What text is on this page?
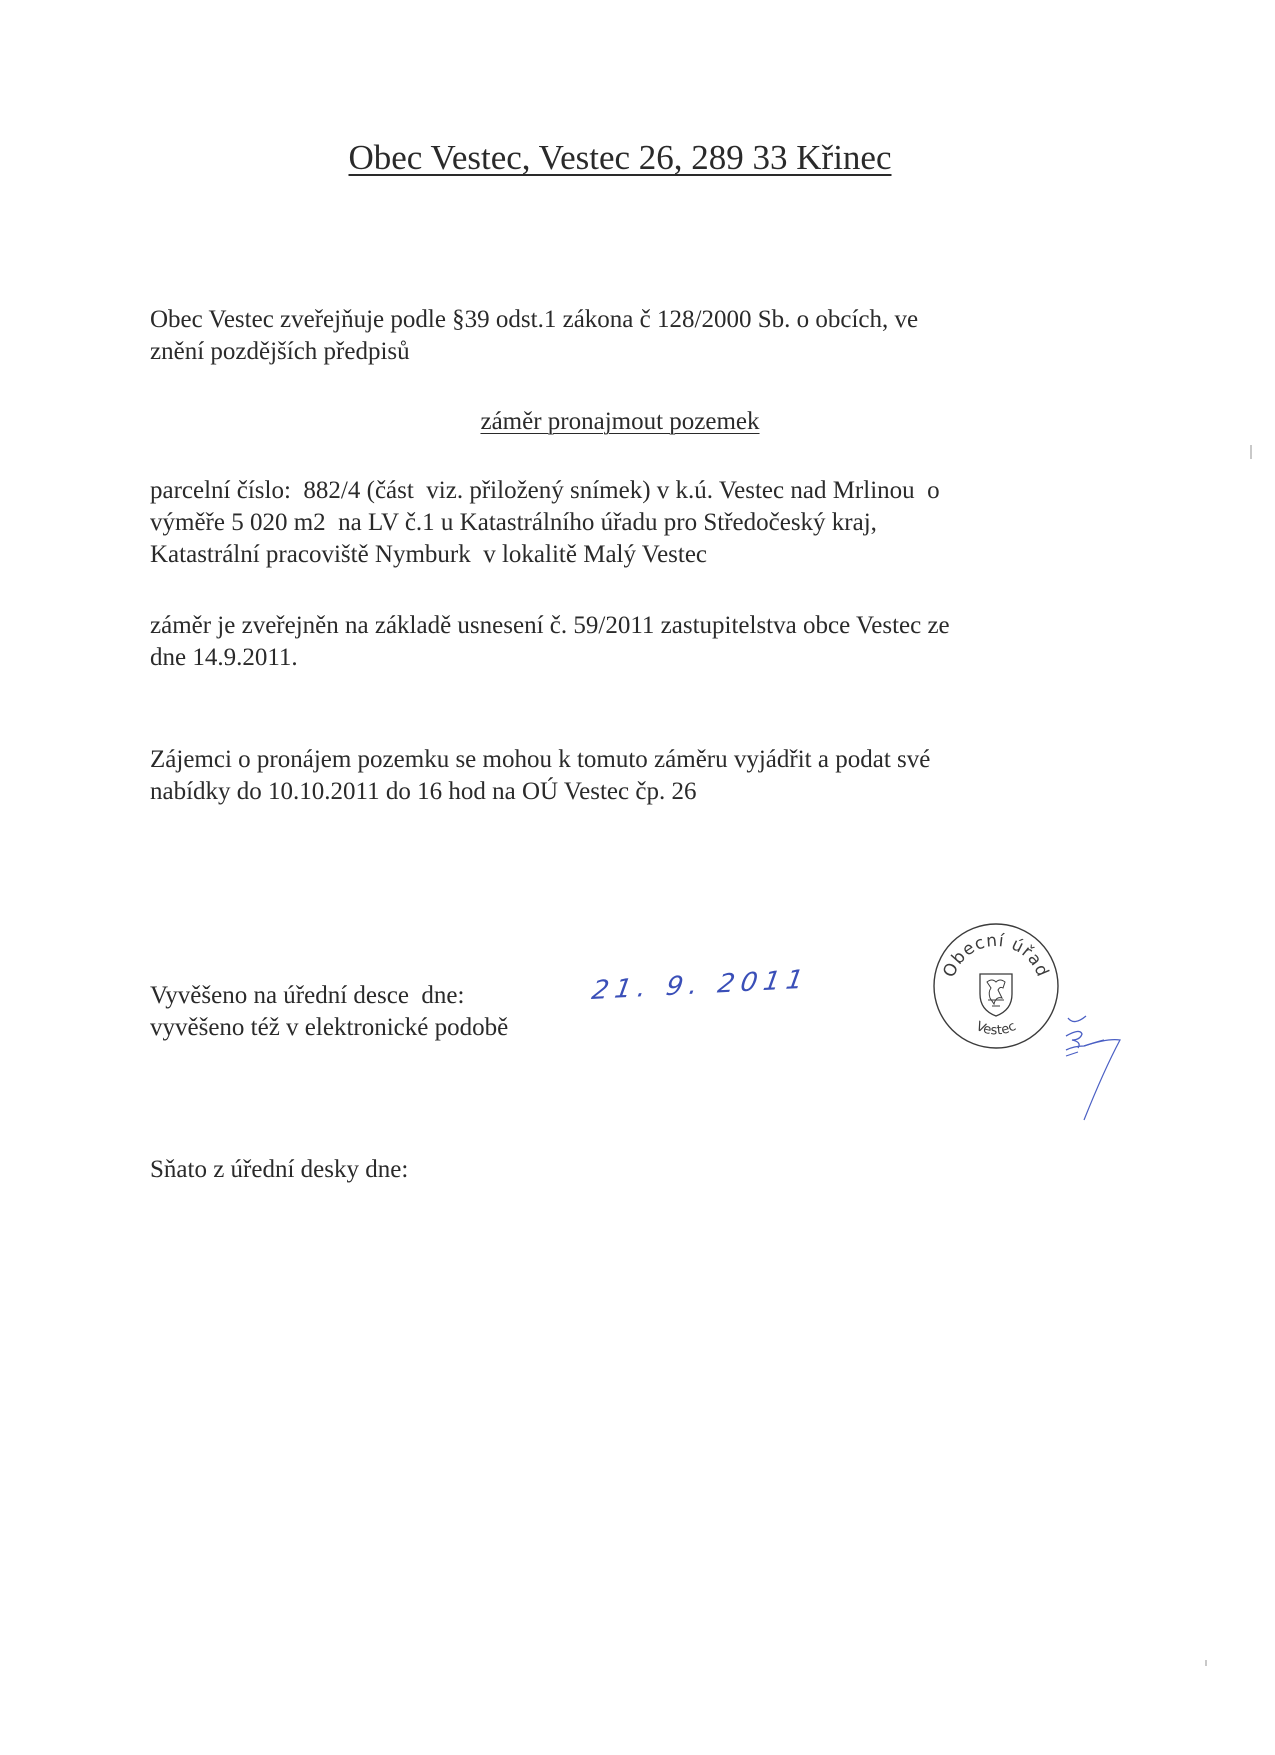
Obec Vestec, Vestec 26, 289 33 Křinec

Obec Vestec zveřejňuje podle §39 odst.1 zákona č 128/2000 Sb. o obcích, ve
znění pozdějších předpisů

záměr pronajmout pozemek

parcelní číslo:  882/4 (část  viz. přiložený snímek) v k.ú. Vestec nad Mrlinou  o
výměře 5 020 m2  na LV č.1 u Katastrálního úřadu pro Středočeský kraj,
Katastrální pracoviště Nymburk  v lokalitě Malý Vestec

záměr je zveřejněn na základě usnesení č. 59/2011 zastupitelstva obce Vestec ze
dne 14.9.2011.

Zájemci o pronájem pozemku se mohou k tomuto záměru vyjádřit a podat své
nabídky do 10.10.2011 do 16 hod na OÚ Vestec čp. 26

Vyvěšeno na úřední desce  dne:
vyvěšeno též v elektronické podobě

21. 9. 2011	Obecní úřad
Vestec

Sňato z úřední desky dne:
